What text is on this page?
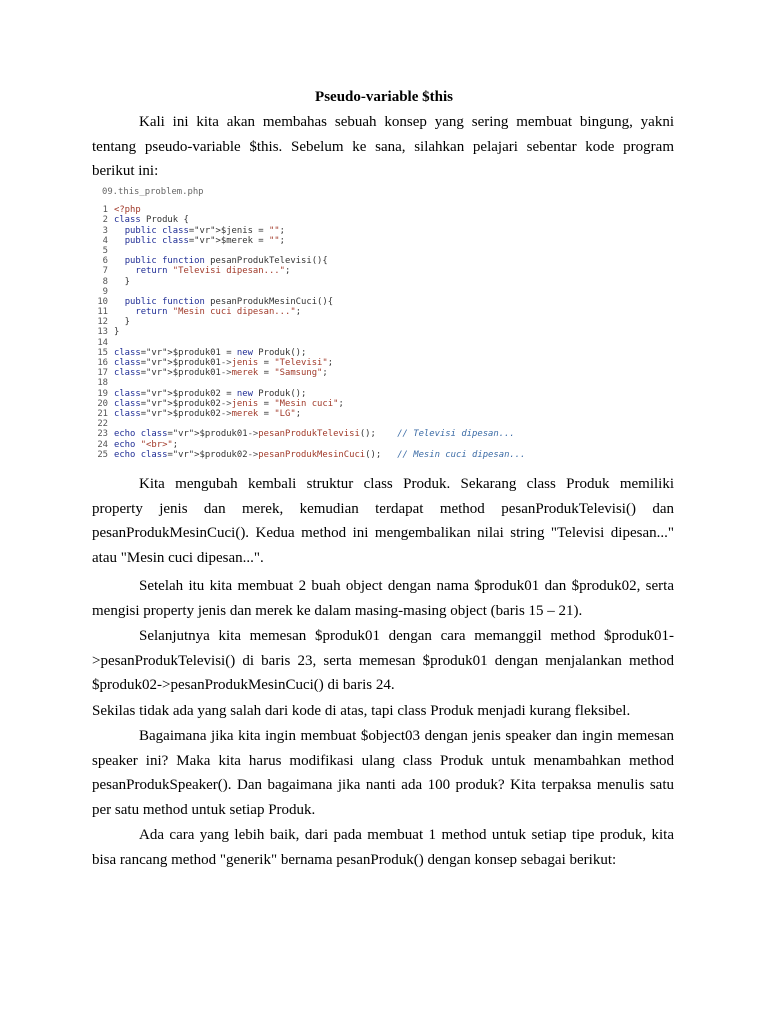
Pseudo-variable $this

Kali ini kita akan membahas sebuah konsep yang sering membuat bingung, yakni
tentang pseudo-variable $this. Sebelum ke sana, silahkan pelajari sebentar kode program
berikut ini:

09.this_problem.php
1 <?php
2 class Produk {
3 public class="vr">$jenis = "";
4 public class="vr">$merek = "";
5
6 public function pesanProdukTelevisi(){
7	return "Televisi dipesan...";
8  }
9
10 public function pesanProdukMesinCuci(){
11	return "Mesin cuci dipesan...";
12  }
13 }
14
15 class="vr">$produk01 = new Produk();
16 class="vr">$produk01->jenis = "Televisi";
17 class="vr">$produk01->merek = "Samsung";
18
19 class="vr">$produk02 = new Produk();
20 class="vr">$produk02->jenis = "Mesin cuci";
21 class="vr">$produk02->merek = "LG";
22
23 echo class="vr">$produk01->pesanProdukTelevisi();    // Televisi dipesan...
24 echo "<br>";
25 echo class="vr">$produk02->pesanProdukMesinCuci();   // Mesin cuci dipesan...

Kita mengubah kembali struktur class Produk. Sekarang class Produk memiliki
property jenis dan merek, kemudian terdapat method pesanProdukTelevisi() dan
pesanProdukMesinCuci(). Kedua method ini mengembalikan nilai string "Televisi dipesan..."
atau "Mesin cuci dipesan...".

Setelah itu kita membuat 2 buah object dengan nama $produk01 dan $produk02, serta
mengisi property jenis dan merek ke dalam masing-masing object (baris 15 – 21).

Selanjutnya kita memesan $produk01 dengan cara memanggil method $produk01-
>pesanProdukTelevisi() di baris 23, serta memesan $produk01 dengan menjalankan method
$produk02->pesanProdukMesinCuci() di baris 24.

Sekilas tidak ada yang salah dari kode di atas, tapi class Produk menjadi kurang fleksibel.

Bagaimana jika kita ingin membuat $object03 dengan jenis speaker dan ingin memesan
speaker ini? Maka kita harus modifikasi ulang class Produk untuk menambahkan method
pesanProdukSpeaker(). Dan bagaimana jika nanti ada 100 produk? Kita terpaksa menulis satu
per satu method untuk setiap Produk.

Ada cara yang lebih baik, dari pada membuat 1 method untuk setiap tipe produk, kita
bisa rancang method "generik" bernama pesanProduk() dengan konsep sebagai berikut:
